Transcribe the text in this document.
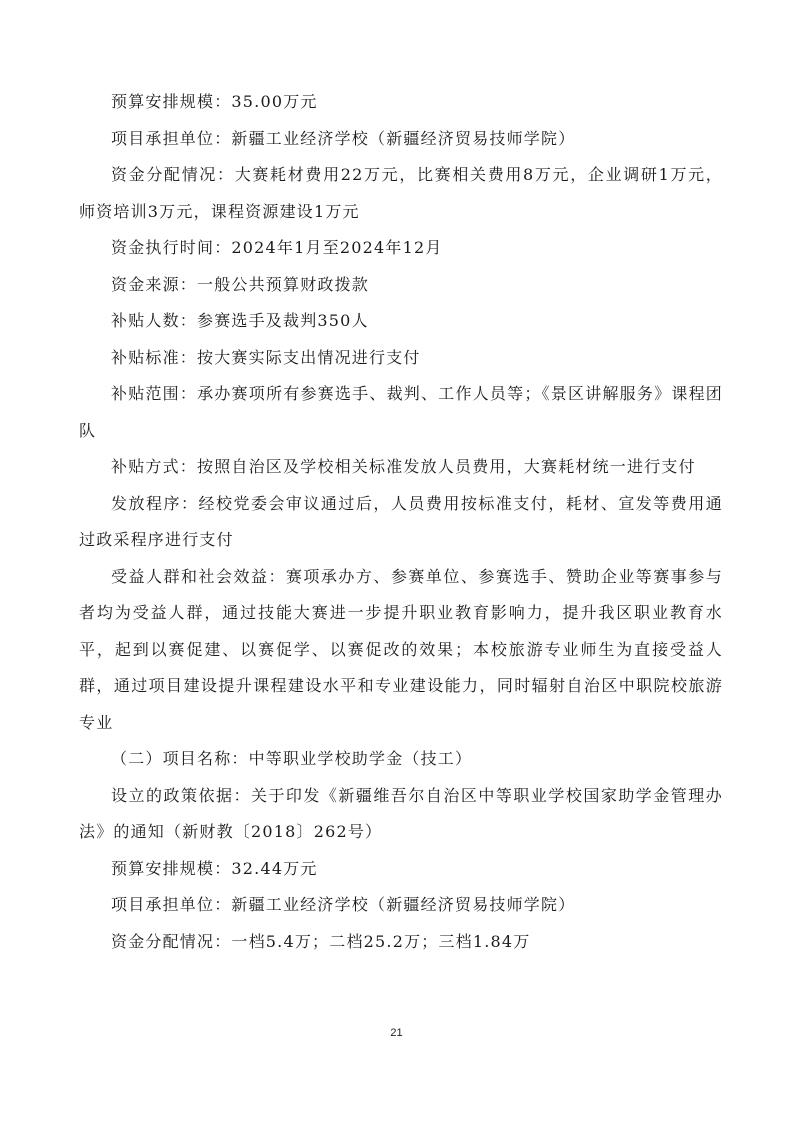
预算安排规模：35.00万元

项目承担单位：新疆工业经济学校（新疆经济贸易技师学院）

资金分配情况：大赛耗材费用22万元，比赛相关费用8万元，企业调研1万元，师资培训3万元，课程资源建设1万元

资金执行时间：2024年1月至2024年12月

资金来源：一般公共预算财政拨款

补贴人数：参赛选手及裁判350人

补贴标准：按大赛实际支出情况进行支付

补贴范围：承办赛项所有参赛选手、裁判、工作人员等；《景区讲解服务》课程团队

补贴方式：按照自治区及学校相关标准发放人员费用，大赛耗材统一进行支付

发放程序：经校党委会审议通过后，人员费用按标准支付，耗材、宣发等费用通过政采程序进行支付

受益人群和社会效益：赛项承办方、参赛单位、参赛选手、赞助企业等赛事参与者均为受益人群，通过技能大赛进一步提升职业教育影响力，提升我区职业教育水平，起到以赛促建、以赛促学、以赛促改的效果；本校旅游专业师生为直接受益人群，通过项目建设提升课程建设水平和专业建设能力，同时辐射自治区中职院校旅游专业

（二）项目名称：中等职业学校助学金（技工）

设立的政策依据：关于印发《新疆维吾尔自治区中等职业学校国家助学金管理办法》的通知（新财教〔2018〕262号）

预算安排规模：32.44万元

项目承担单位：新疆工业经济学校（新疆经济贸易技师学院）

资金分配情况：一档5.4万；二档25.2万；三档1.84万

21
